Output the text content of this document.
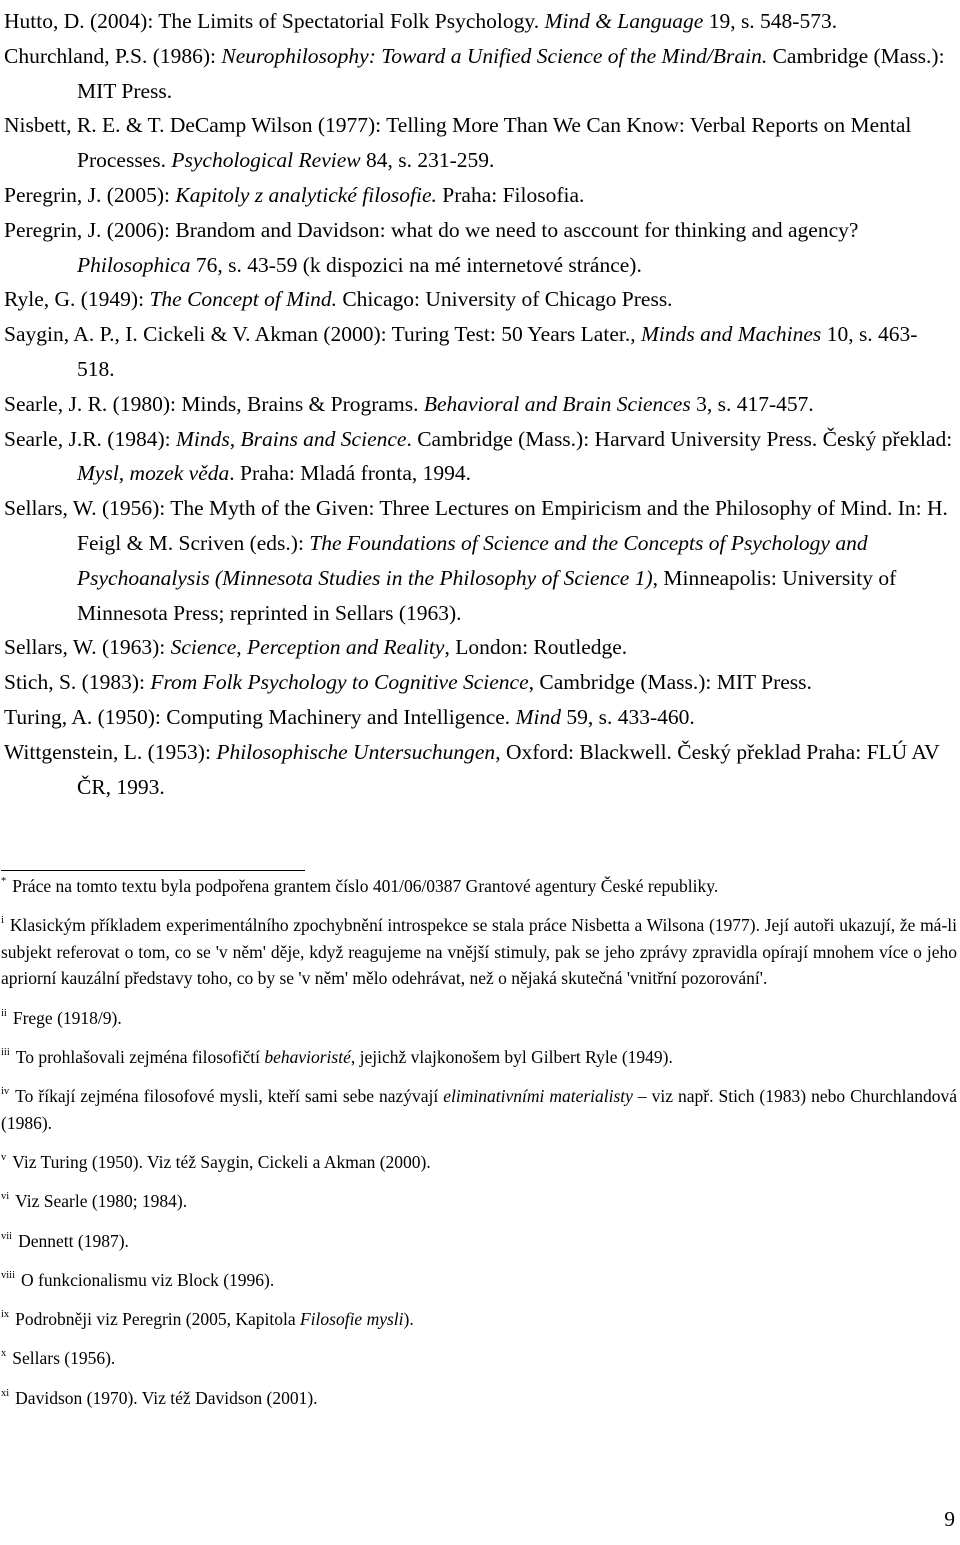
Hutto, D. (2004): The Limits of Spectatorial Folk Psychology. Mind & Language 19, s. 548-573.
Churchland, P.S. (1986): Neurophilosophy: Toward a Unified Science of the Mind/Brain. Cambridge (Mass.): MIT Press.
Nisbett, R. E. & T. DeCamp Wilson (1977): Telling More Than We Can Know: Verbal Reports on Mental Processes. Psychological Review 84, s. 231-259.
Peregrin, J. (2005): Kapitoly z analytické filosofie. Praha: Filosofia.
Peregrin, J. (2006): Brandom and Davidson: what do we need to asccount for thinking and agency? Philosophica 76, s. 43-59 (k dispozici na mé internetové stránce).
Ryle, G. (1949): The Concept of Mind. Chicago: University of Chicago Press.
Saygin, A. P., I. Cickeli & V. Akman (2000): Turing Test: 50 Years Later., Minds and Machines 10, s. 463-518.
Searle, J. R. (1980): Minds, Brains & Programs. Behavioral and Brain Sciences 3, s. 417-457.
Searle, J.R. (1984): Minds, Brains and Science. Cambridge (Mass.): Harvard University Press. Český překlad: Mysl, mozek věda. Praha: Mladá fronta, 1994.
Sellars, W. (1956): The Myth of the Given: Three Lectures on Empiricism and the Philosophy of Mind. In: H. Feigl & M. Scriven (eds.): The Foundations of Science and the Concepts of Psychology and Psychoanalysis (Minnesota Studies in the Philosophy of Science 1), Minneapolis: University of Minnesota Press; reprinted in Sellars (1963).
Sellars, W. (1963): Science, Perception and Reality, London: Routledge.
Stich, S. (1983): From Folk Psychology to Cognitive Science, Cambridge (Mass.): MIT Press.
Turing, A. (1950): Computing Machinery and Intelligence. Mind 59, s. 433-460.
Wittgenstein, L. (1953): Philosophische Untersuchungen, Oxford: Blackwell. Český překlad Praha: FLÚ AV ČR, 1993.
* Práce na tomto textu byla podpořena grantem číslo 401/06/0387 Grantové agentury České republiky.
$^i$ Klasickým příkladem experimentálního zpochybnění introspekce se stala práce Nisbetta a Wilsona (1977). Její autoři ukazují, že má-li subjekt referovat o tom, co se 'v něm' děje, když reagujeme na vnější stimuly, pak se jeho zprávy zpravidla opírají mnohem více o jeho apriorní kauzální představy toho, co by se 'v něm' mělo odehrávat, než o nějaká skutečná 'vnitřní pozorování'.
$^{ii}$ Frege (1918/9).
$^{iii}$ To prohlašovali zejména filosofičtí behavioristé, jejichž vlajkonošem byl Gilbert Ryle (1949).
$^{iv}$ To říkají zejména filosofové mysli, kteří sami sebe nazývají eliminativními materialisty – viz např. Stich (1983) nebo Churchlandová (1986).
$^v$ Viz Turing (1950). Viz též Saygin, Cickeli a Akman (2000).
$^{vi}$ Viz Searle (1980; 1984).
$^{vii}$ Dennett (1987).
$^{viii}$ O funkcionalismu viz Block (1996).
$^{ix}$ Podrobněji viz Peregrin (2005, Kapitola Filosofie mysli).
$^x$ Sellars (1956).
$^{xi}$ Davidson (1970). Viz též Davidson (2001).
9
